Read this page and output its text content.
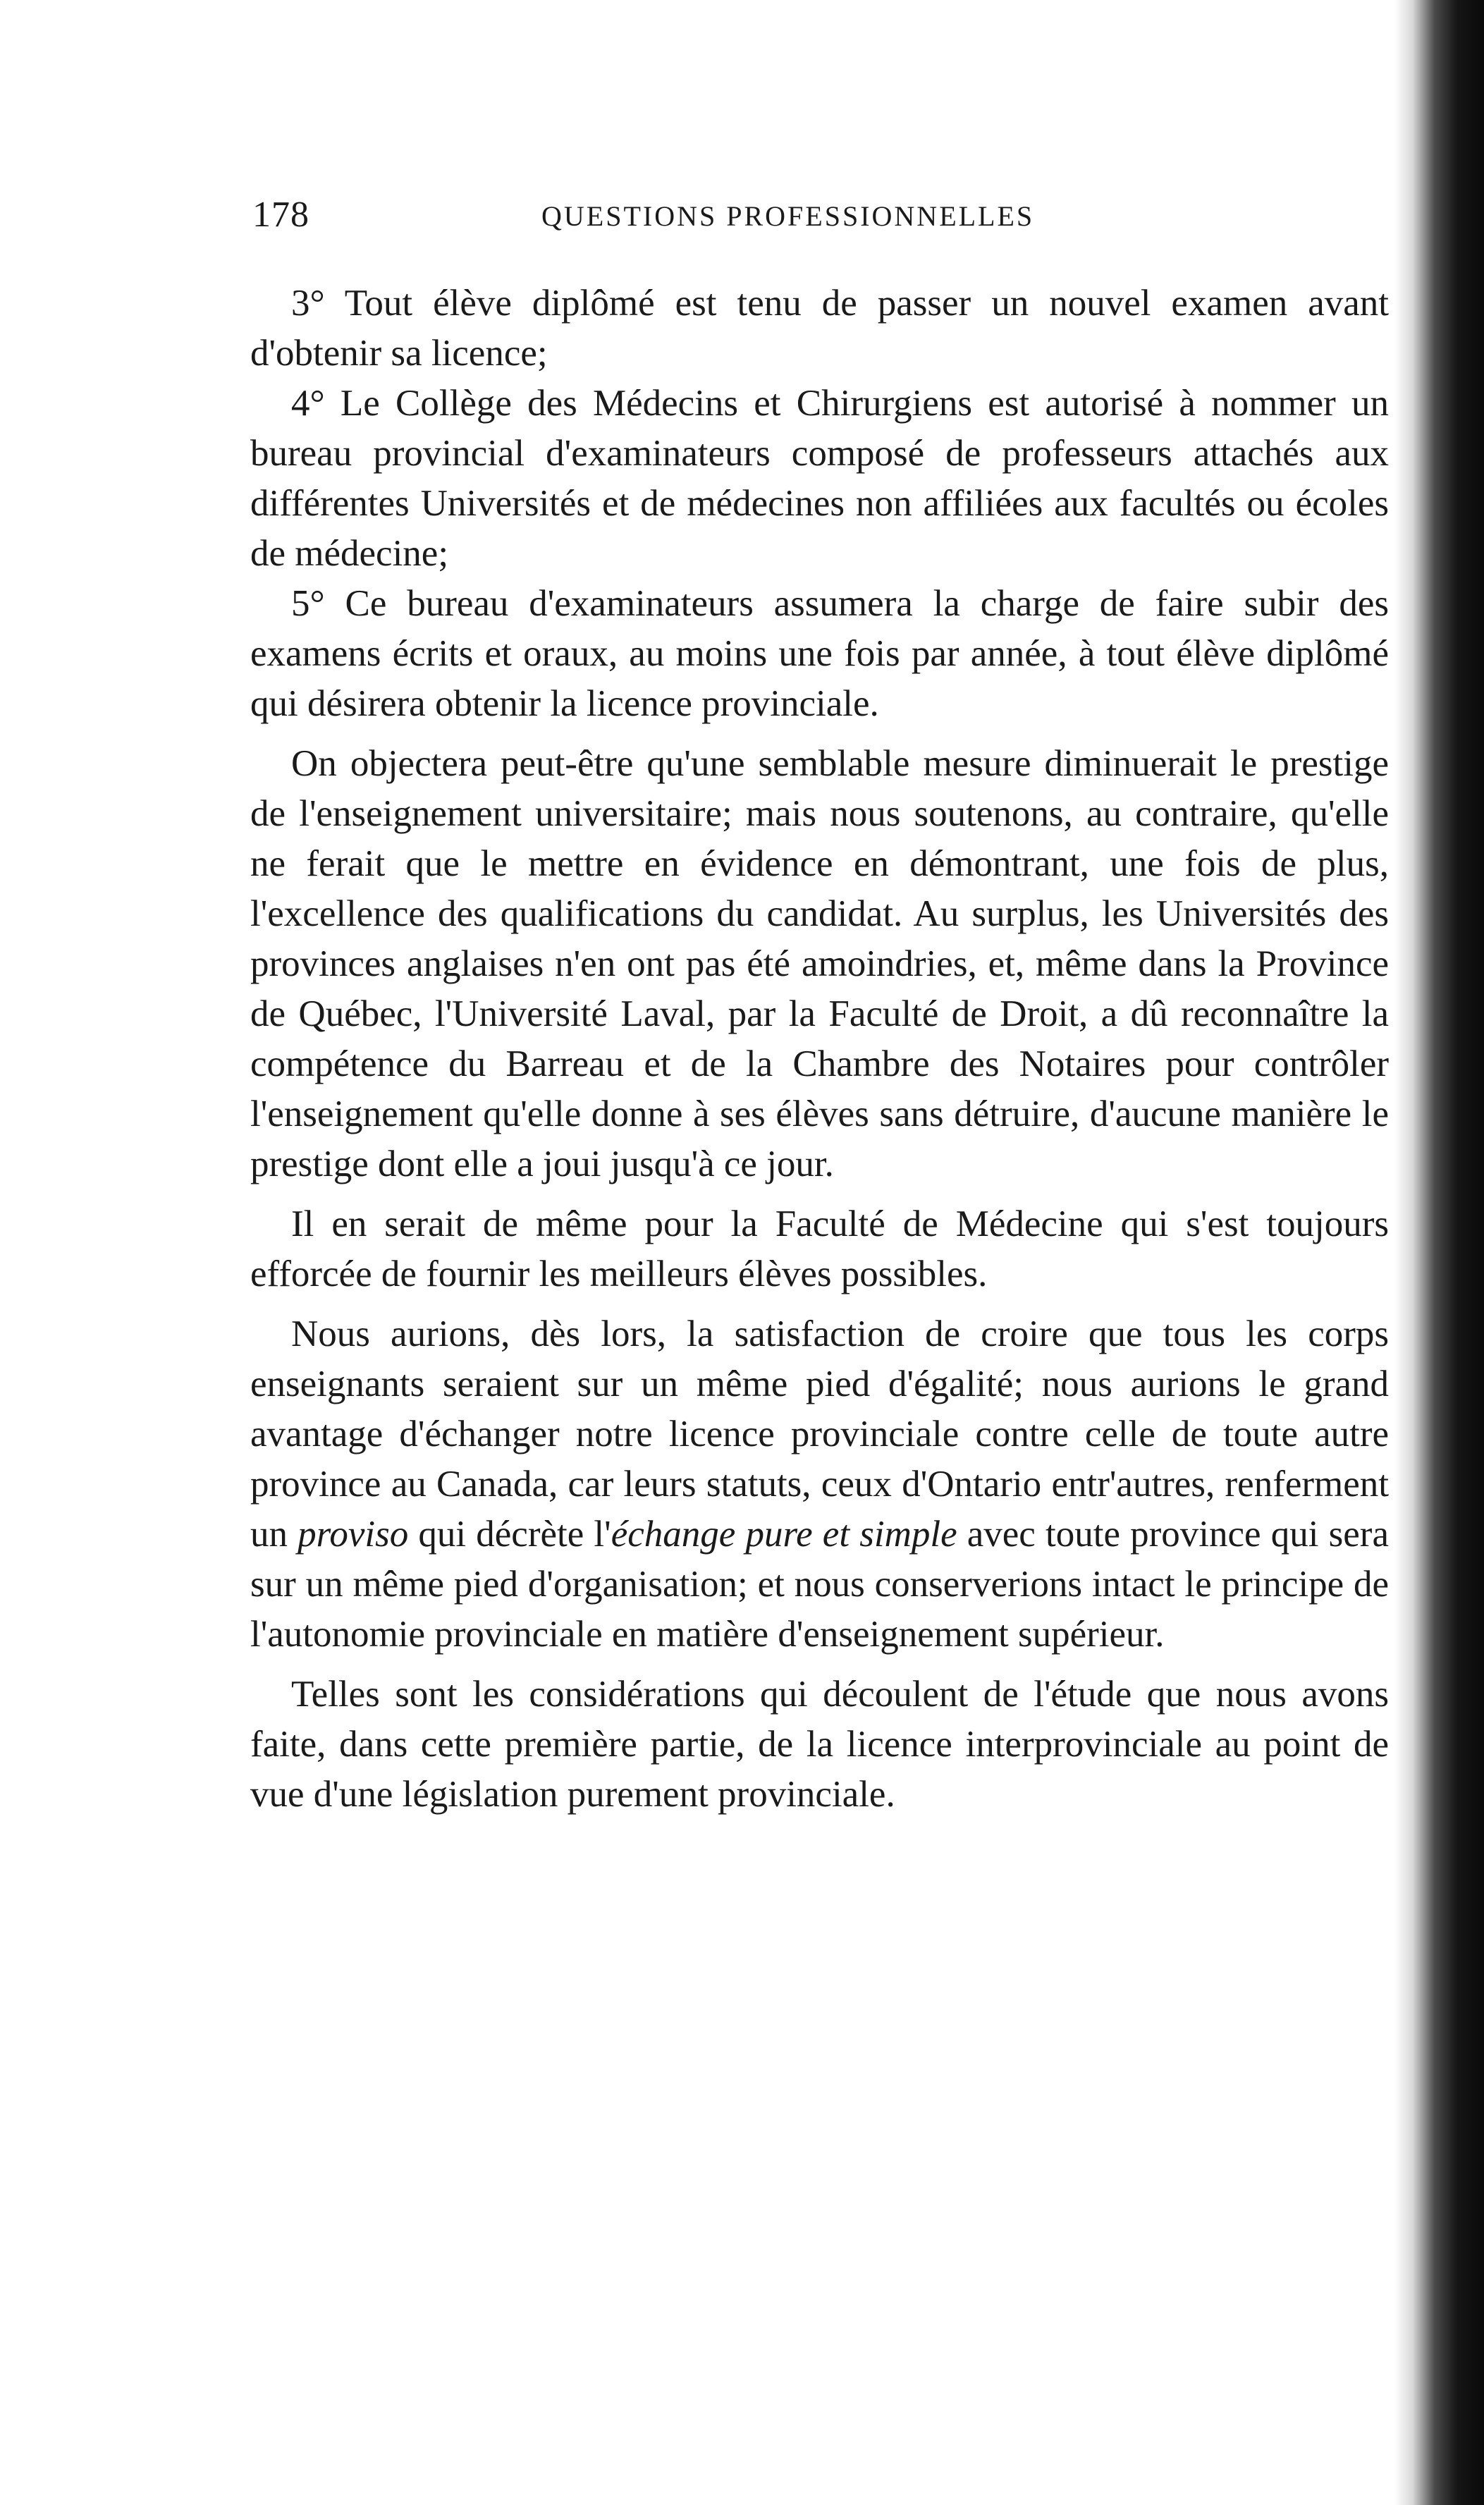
178	QUESTIONS PROFESSIONNELLES

3° Tout élève diplômé est tenu de passer un nouvel examen avant d'obtenir sa licence;

4° Le Collège des Médecins et Chirurgiens est autorisé à nommer un bureau provincial d'examinateurs composé de professeurs attachés aux différentes Universités et de médecines non affiliées aux facultés ou écoles de médecine;

5° Ce bureau d'examinateurs assumera la charge de faire subir des examens écrits et oraux, au moins une fois par année, à tout élève diplômé qui désirera obtenir la licence provinciale.

On objectera peut-être qu'une semblable mesure diminuerait le prestige de l'enseignement universitaire; mais nous soutenons, au contraire, qu'elle ne ferait que le mettre en évidence en démontrant, une fois de plus, l'excellence des qualifications du candidat. Au surplus, les Universités des provinces anglaises n'en ont pas été amoindries, et, même dans la Province de Québec, l'Université Laval, par la Faculté de Droit, a dû reconnaître la compétence du Barreau et de la Chambre des Notaires pour contrôler l'enseignement qu'elle donne à ses élèves sans détruire, d'aucune manière le prestige dont elle a joui jusqu'à ce jour.

Il en serait de même pour la Faculté de Médecine qui s'est toujours efforcée de fournir les meilleurs élèves possibles.

Nous aurions, dès lors, la satisfaction de croire que tous les corps enseignants seraient sur un même pied d'égalité; nous aurions le grand avantage d'échanger notre licence provinciale contre celle de toute autre province au Canada, car leurs statuts, ceux d'Ontario entr'autres, renferment un proviso qui décrète l'échange pure et simple avec toute province qui sera sur un même pied d'organisation; et nous conserverions intact le principe de l'autonomie provinciale en matière d'enseignement supérieur.

Telles sont les considérations qui découlent de l'étude que nous avons faite, dans cette première partie, de la licence interprovinciale au point de vue d'une législation purement provinciale.
